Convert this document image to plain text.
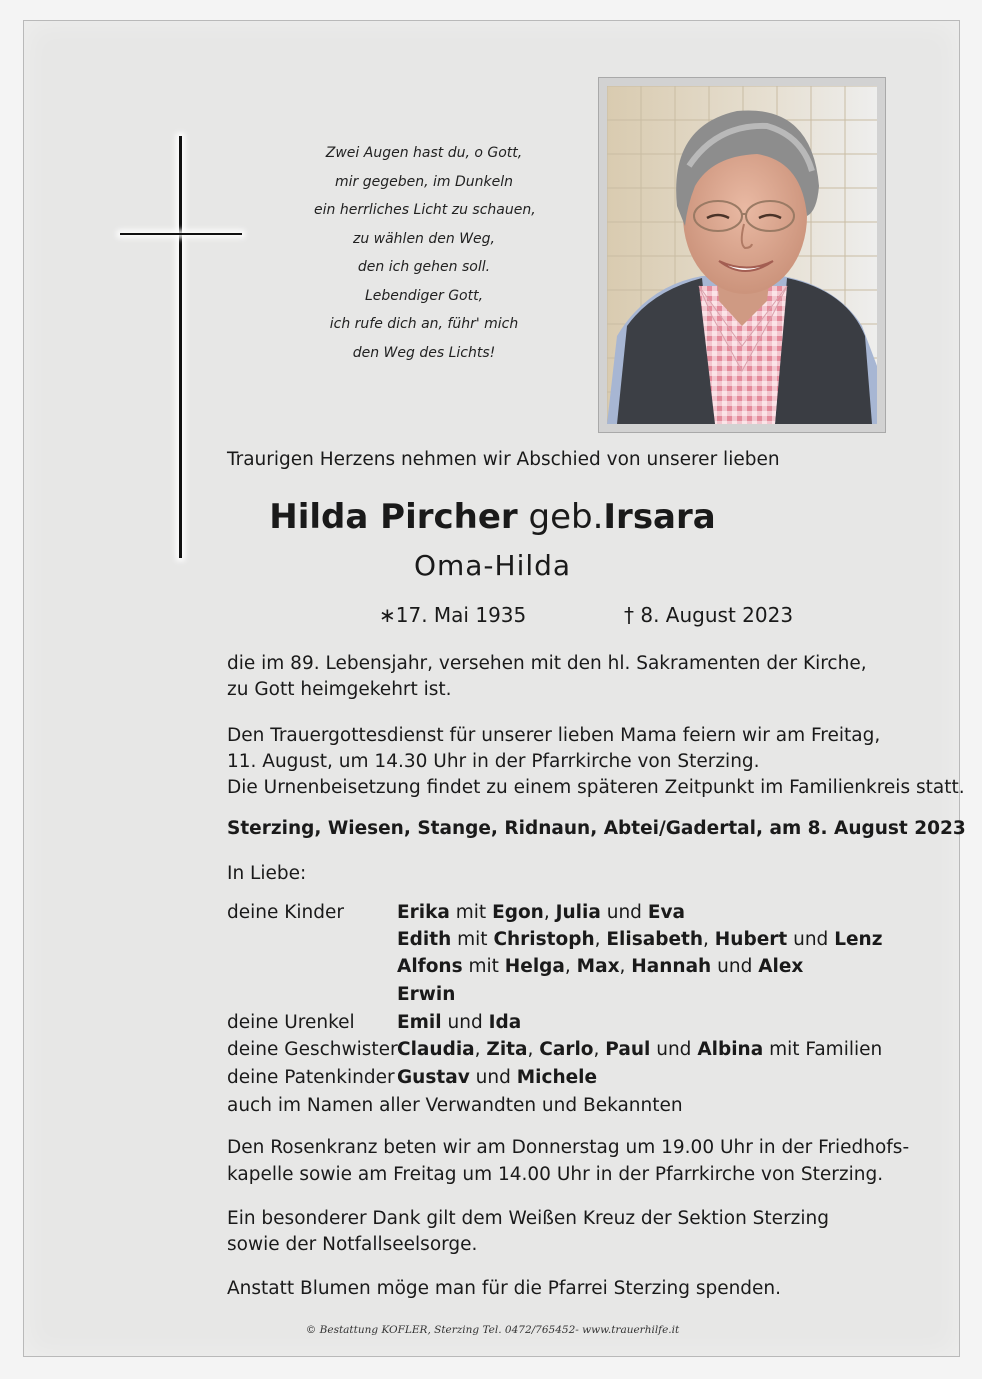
Zwei Augen hast du, o Gott,
mir gegeben, im Dunkeln
ein herrliches Licht zu schauen,
zu wählen den Weg,
den ich gehen soll.
Lebendiger Gott,
ich rufe dich an, führ' mich
den Weg des Lichts!
Traurigen Herzens nehmen wir Abschied von unserer lieben
Hilda Pircher geb.Irsara
Oma-Hilda
∗17. Mai 1935	† 8. August 2023
die im 89. Lebensjahr, versehen mit den hl. Sakramenten der Kirche,
zu Gott heimgekehrt ist.
Den Trauergottesdienst für unserer lieben Mama feiern wir am Freitag,
11. August, um 14.30 Uhr in der Pfarrkirche von Sterzing.
Die Urnenbeisetzung findet zu einem späteren Zeitpunkt im Familienkreis statt.
Sterzing, Wiesen, Stange, Ridnaun, Abtei/Gadertal, am 8. August 2023
In Liebe:
deine Kinder	Erika mit Egon, Julia und Eva
Edith mit Christoph, Elisabeth, Hubert und Lenz
Alfons mit Helga, Max, Hannah und Alex
Erwin
deine Urenkel Emil und Ida
deine Geschwister Claudia, Zita, Carlo, Paul und Albina mit Familien
deine Patenkinder Gustav und Michele
auch im Namen aller Verwandten und Bekannten
Den Rosenkranz beten wir am Donnerstag um 19.00 Uhr in der Friedhofs-
kapelle sowie am Freitag um 14.00 Uhr in der Pfarrkirche von Sterzing.
Ein besonderer Dank gilt dem Weißen Kreuz der Sektion Sterzing
sowie der Notfallseelsorge.
Anstatt Blumen möge man für die Pfarrei Sterzing spenden.
© Bestattung KOFLER, Sterzing Tel. 0472/765452- www.trauerhilfe.it
